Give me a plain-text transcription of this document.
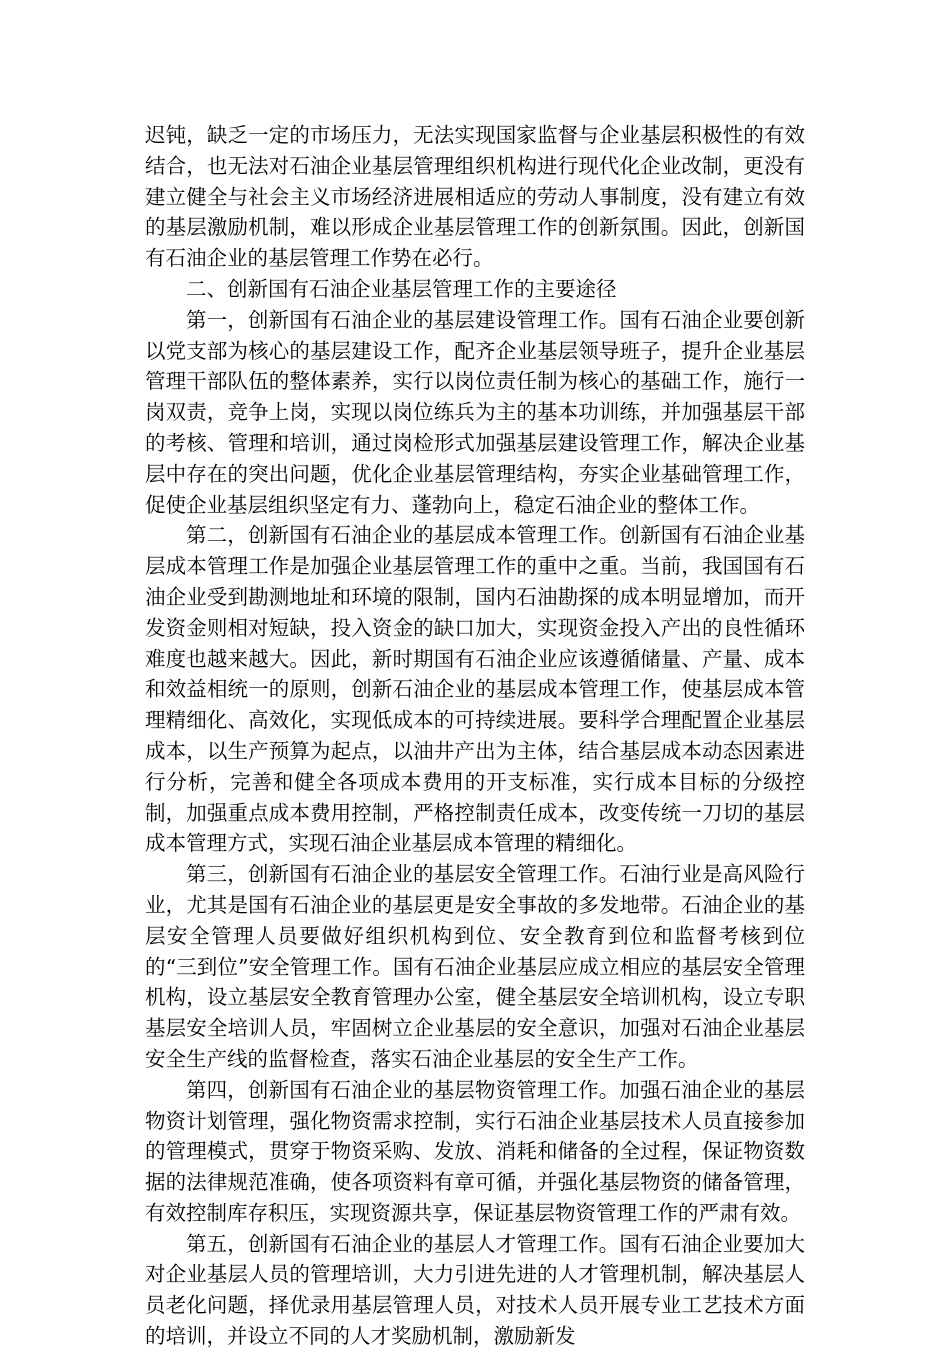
迟钝，缺乏一定的市场压力，无法实现国家监督与企业基层积极性的有效结合，也无法对石油企业基层管理组织机构进行现代化企业改制，更没有建立健全与社会主义市场经济进展相适应的劳动人事制度，没有建立有效的基层激励机制，难以形成企业基层管理工作的创新氛围。因此，创新国有石油企业的基层管理工作势在必行。

二、创新国有石油企业基层管理工作的主要途径

第一，创新国有石油企业的基层建设管理工作。国有石油企业要创新以党支部为核心的基层建设工作，配齐企业基层领导班子，提升企业基层管理干部队伍的整体素养，实行以岗位责任制为核心的基础工作，施行一岗双责，竞争上岗，实现以岗位练兵为主的基本功训练，并加强基层干部的考核、管理和培训，通过岗检形式加强基层建设管理工作，解决企业基层中存在的突出问题，优化企业基层管理结构，夯实企业基础管理工作，促使企业基层组织坚定有力、蓬勃向上，稳定石油企业的整体工作。

第二，创新国有石油企业的基层成本管理工作。创新国有石油企业基层成本管理工作是加强企业基层管理工作的重中之重。当前，我国国有石油企业受到勘测地址和环境的限制，国内石油勘探的成本明显增加，而开发资金则相对短缺，投入资金的缺口加大，实现资金投入产出的良性循环难度也越来越大。因此，新时期国有石油企业应该遵循储量、产量、成本和效益相统一的原则，创新石油企业的基层成本管理工作，使基层成本管理精细化、高效化，实现低成本的可持续进展。要科学合理配置企业基层成本，以生产预算为起点，以油井产出为主体，结合基层成本动态因素进行分析，完善和健全各项成本费用的开支标准，实行成本目标的分级控制，加强重点成本费用控制，严格控制责任成本，改变传统一刀切的基层成本管理方式，实现石油企业基层成本管理的精细化。

第三，创新国有石油企业的基层安全管理工作。石油行业是高风险行业，尤其是国有石油企业的基层更是安全事故的多发地带。石油企业的基层安全管理人员要做好组织机构到位、安全教育到位和监督考核到位的“三到位”安全管理工作。国有石油企业基层应成立相应的基层安全管理机构，设立基层安全教育管理办公室，健全基层安全培训机构，设立专职基层安全培训人员，牢固树立企业基层的安全意识，加强对石油企业基层安全生产线的监督检查，落实石油企业基层的安全生产工作。

第四，创新国有石油企业的基层物资管理工作。加强石油企业的基层物资计划管理，强化物资需求控制，实行石油企业基层技术人员直接参加的管理模式，贯穿于物资采购、发放、消耗和储备的全过程，保证物资数据的法律规范准确，使各项资料有章可循，并强化基层物资的储备管理，有效控制库存积压，实现资源共享，保证基层物资管理工作的严肃有效。

第五，创新国有石油企业的基层人才管理工作。国有石油企业要加大对企业基层人员的管理培训，大力引进先进的人才管理机制，解决基层人员老化问题，择优录用基层管理人员，对技术人员开展专业工艺技术方面的培训，并设立不同的人才奖励机制，激励新发
